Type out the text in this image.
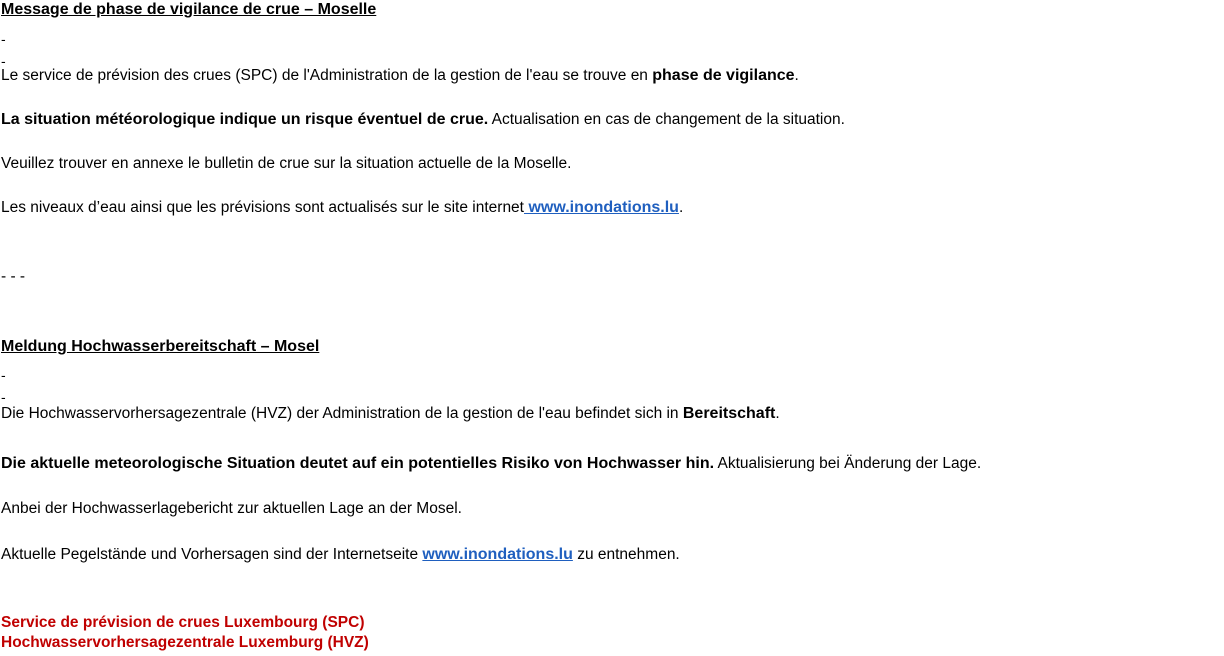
Message de phase de vigilance de crue – Moselle
-
-
Le service de prévision des crues (SPC) de l'Administration de la gestion de l'eau se trouve en phase de vigilance.
La situation météorologique indique un risque éventuel de crue. Actualisation en cas de changement de la situation.
Veuillez trouver en annexe le bulletin de crue sur la situation actuelle de la Moselle.
Les niveaux d’eau ainsi que les prévisions sont actualisés sur le site internet www.inondations.lu.
- - -
Meldung Hochwasserbereitschaft – Mosel
-
-
Die Hochwasservorhersagezentrale (HVZ) der Administration de la gestion de l'eau befindet sich in Bereitschaft.
Die aktuelle meteorologische Situation deutet auf ein potentielles Risiko von Hochwasser hin. Aktualisierung bei Änderung der Lage.
Anbei der Hochwasserlagebericht zur aktuellen Lage an der Mosel.
Aktuelle Pegelstände und Vorhersagen sind der Internetseite www.inondations.lu zu entnehmen.
Service de prévision de crues Luxembourg (SPC)
Hochwasservorhersagezentrale Luxemburg (HVZ)
